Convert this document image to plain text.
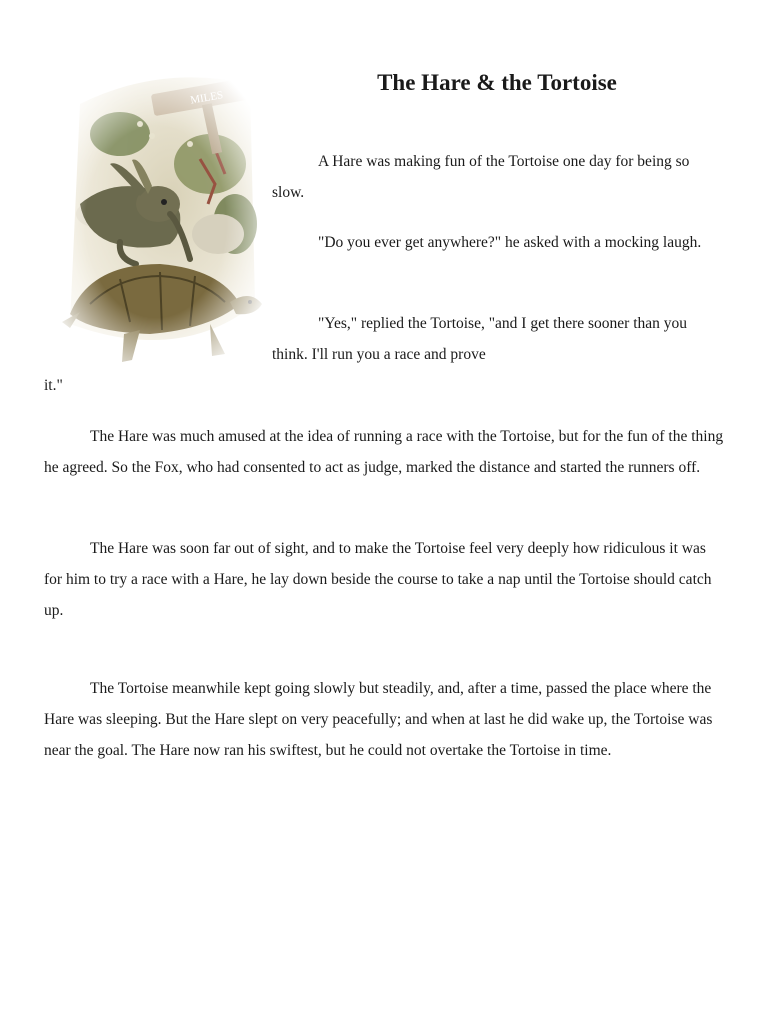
The Hare & the Tortoise

A Hare was making fun of the Tortoise one day for being so slow.

"Do you ever get anywhere?" he asked with a mocking laugh.

"Yes," replied the Tortoise, "and I get there sooner than you think. I'll run you a race and prove

it."

The Hare was much amused at the idea of running a race with the Tortoise, but for the fun of the thing he agreed. So the Fox, who had consented to act as judge, marked the distance and started the runners off.

The Hare was soon far out of sight, and to make the Tortoise feel very deeply how ridiculous it was for him to try a race with a Hare, he lay down beside the course to take a nap until the Tortoise should catch up.

The Tortoise meanwhile kept going slowly but steadily, and, after a time, passed the place where the Hare was sleeping. But the Hare slept on very peacefully; and when at last he did wake up, the Tortoise was near the goal. The Hare now ran his swiftest, but he could not overtake the Tortoise in time.
